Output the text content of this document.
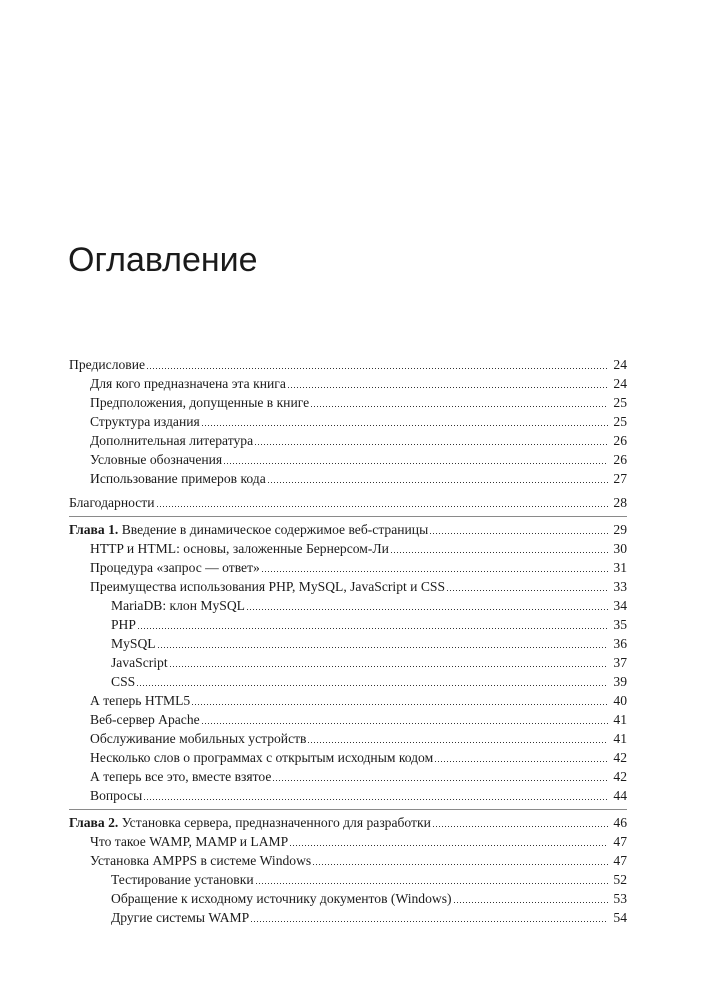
Оглавление
Предисловие	24
Для кого предназначена эта книга	24
Предположения, допущенные в книге	25
Структура издания	25
Дополнительная литература	26
Условные обозначения	26
Использование примеров кода	27
Благодарности	28
Глава 1. Введение в динамическое содержимое веб-страницы	29
HTTP и HTML: основы, заложенные Бернерсом-Ли	30
Процедура «запрос — ответ»	31
Преимущества использования PHP, MySQL, JavaScript и CSS	33
MariaDB: клон MySQL	34
PHP	35
MySQL	36
JavaScript	37
CSS	39
А теперь HTML5	40
Веб-сервер Apache	41
Обслуживание мобильных устройств	41
Несколько слов о программах с открытым исходным кодом	42
А теперь все это, вместе взятое	42
Вопросы	44
Глава 2. Установка сервера, предназначенного для разработки	46
Что такое WAMP, MAMP и LAMP	47
Установка AMPPS в системе Windows	47
Тестирование установки	52
Обращение к исходному источнику документов (Windows)	53
Другие системы WAMP	54
